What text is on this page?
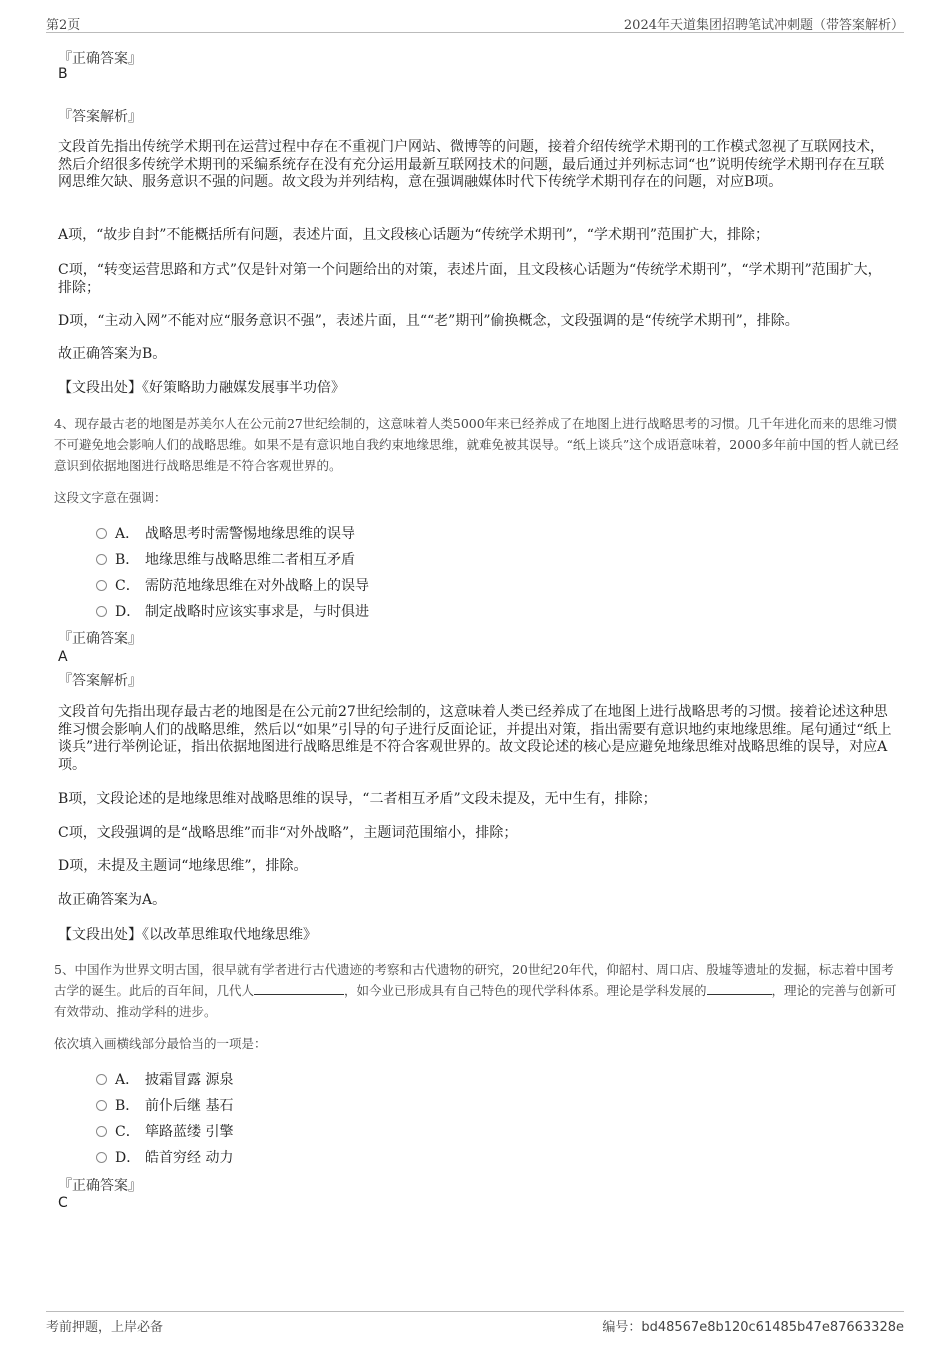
第2页	2024年天道集团招聘笔试冲刺题（带答案解析）
『正确答案』
B
『答案解析』
文段首先指出传统学术期刊在运营过程中存在不重视门户网站、微博等的问题，接着介绍传统学术期刊的工作模式忽视了互联网技术，然后介绍很多传统学术期刊的采编系统存在没有充分运用最新互联网技术的问题，最后通过并列标志词“也”说明传统学术期刊存在互联网思维欠缺、服务意识不强的问题。故文段为并列结构，意在强调融媒体时代下传统学术期刊存在的问题，对应B项。
A项，“故步自封”不能概括所有问题，表述片面，且文段核心话题为“传统学术期刊”，“学术期刊”范围扩大，排除；
C项，“转变运营思路和方式”仅是针对第一个问题给出的对策，表述片面，且文段核心话题为“传统学术期刊”，“学术期刊”范围扩大，排除；
D项，“主动入网”不能对应“服务意识不强”，表述片面，且““老”期刊”偷换概念，文段强调的是“传统学术期刊”，排除。
故正确答案为B。
【文段出处】《好策略助力融媒发展事半功倍》
4、现存最古老的地图是苏美尔人在公元前27世纪绘制的，这意味着人类5000年来已经养成了在地图上进行战略思考的习惯。几千年进化而来的思维习惯不可避免地会影响人们的战略思维。如果不是有意识地自我约束地缘思维，就难免被其误导。“纸上谈兵”这个成语意味着，2000多年前中国的哲人就已经意识到依据地图进行战略思维是不符合客观世界的。
这段文字意在强调：
A． 战略思考时需警惕地缘思维的误导
B． 地缘思维与战略思维二者相互矛盾
C． 需防范地缘思维在对外战略上的误导
D． 制定战略时应该实事求是，与时俱进
『正确答案』
A
『答案解析』
文段首句先指出现存最古老的地图是在公元前27世纪绘制的，这意味着人类已经养成了在地图上进行战略思考的习惯。接着论述这种思维习惯会影响人们的战略思维，然后以“如果”引导的句子进行反面论证，并提出对策，指出需要有意识地约束地缘思维。尾句通过“纸上谈兵”进行举例论证，指出依据地图进行战略思维是不符合客观世界的。故文段论述的核心是应避免地缘思维对战略思维的误导，对应A项。
B项，文段论述的是地缘思维对战略思维的误导，“二者相互矛盾”文段未提及，无中生有，排除；
C项，文段强调的是“战略思维”而非“对外战略”，主题词范围缩小，排除；
D项，未提及主题词“地缘思维”，排除。
故正确答案为A。
【文段出处】《以改革思维取代地缘思维》
5、中国作为世界文明古国，很早就有学者进行古代遗迹的考察和古代遗物的研究，20世纪20年代，仰韶村、周口店、殷墟等遗址的发掘，标志着中国考古学的诞生。此后的百年间，几代人	，如今业已形成具有自己特色的现代学科体系。理论是学科发展的	，理论的完善与创新可有效带动、推动学科的进步。
依次填入画横线部分最恰当的一项是：
A． 披霜冒露 源泉
B． 前仆后继 基石
C． 筚路蓝缕 引擎
D． 皓首穷经 动力
『正确答案』
C
考前押题，上岸必备	编号：bd48567e8b120c61485b47e87663328e
